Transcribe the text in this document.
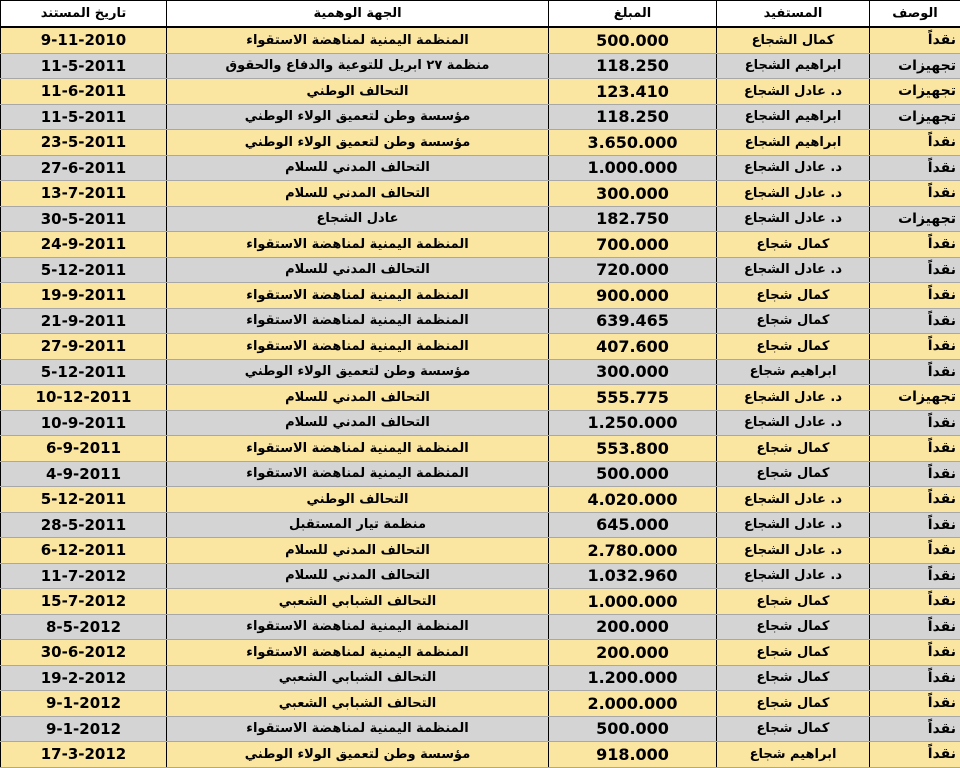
تاريخ المستند	الجهة الوهمية	المبلغ	المستفيد	الوصف
9-11-2010	المنظمة اليمنية لمناهضة الاستقواء	500.000	كمال الشجاع	نقداً
11-5-2011	منظمة ٢٧ ابريل للتوعية والدفاع والحقوق	118.250	ابراهيم الشجاع	تجهيزات
11-6-2011	التحالف الوطني	123.410	د. عادل الشجاع	تجهيزات
11-5-2011	مؤسسة وطن لتعميق الولاء الوطني	118.250	ابراهيم الشجاع	تجهيزات
23-5-2011	مؤسسة وطن لتعميق الولاء الوطني	3.650.000	ابراهيم الشجاع	نقداً
27-6-2011	التحالف المدني للسلام	1.000.000	د. عادل الشجاع	نقداً
13-7-2011	التحالف المدني للسلام	300.000	د. عادل الشجاع	نقداً
30-5-2011	عادل الشجاع	182.750	د. عادل الشجاع	تجهيزات
24-9-2011	المنظمة اليمنية لمناهضة الاستقواء	700.000	كمال شجاع	نقداً
5-12-2011	التحالف المدني للسلام	720.000	د. عادل الشجاع	نقداً
19-9-2011	المنظمة اليمنية لمناهضة الاستقواء	900.000	كمال شجاع	نقداً
21-9-2011	المنظمة اليمنية لمناهضة الاستقواء	639.465	كمال شجاع	نقداً
27-9-2011	المنظمة اليمنية لمناهضة الاستقواء	407.600	كمال شجاع	نقداً
5-12-2011	مؤسسة وطن لتعميق الولاء الوطني	300.000	ابراهيم شجاع	نقداً
10-12-2011	التحالف المدني للسلام	555.775	د. عادل الشجاع	تجهيزات
10-9-2011	التحالف المدني للسلام	1.250.000	د. عادل الشجاع	نقداً
6-9-2011	المنظمة اليمنية لمناهضة الاستقواء	553.800	كمال شجاع	نقداً
4-9-2011	المنظمة اليمنية لمناهضة الاستقواء	500.000	كمال شجاع	نقداً
5-12-2011	التحالف الوطني	4.020.000	د. عادل الشجاع	نقداً
28-5-2011	منظمة تيار المستقبل	645.000	د. عادل الشجاع	نقداً
6-12-2011	التحالف المدني للسلام	2.780.000	د. عادل الشجاع	نقداً
11-7-2012	التحالف المدني للسلام	1.032.960	د. عادل الشجاع	نقداً
15-7-2012	التحالف الشبابي الشعبي	1.000.000	كمال شجاع	نقداً
8-5-2012	المنظمة اليمنية لمناهضة الاستقواء	200.000	كمال شجاع	نقداً
30-6-2012	المنظمة اليمنية لمناهضة الاستقواء	200.000	كمال شجاع	نقداً
19-2-2012	التحالف الشبابي الشعبي	1.200.000	كمال شجاع	نقداً
9-1-2012	التحالف الشبابي الشعبي	2.000.000	كمال شجاع	نقداً
9-1-2012	المنظمة اليمنية لمناهضة الاستقواء	500.000	كمال شجاع	نقداً
17-3-2012	مؤسسة وطن لتعميق الولاء الوطني	918.000	ابراهيم شجاع	نقداً
